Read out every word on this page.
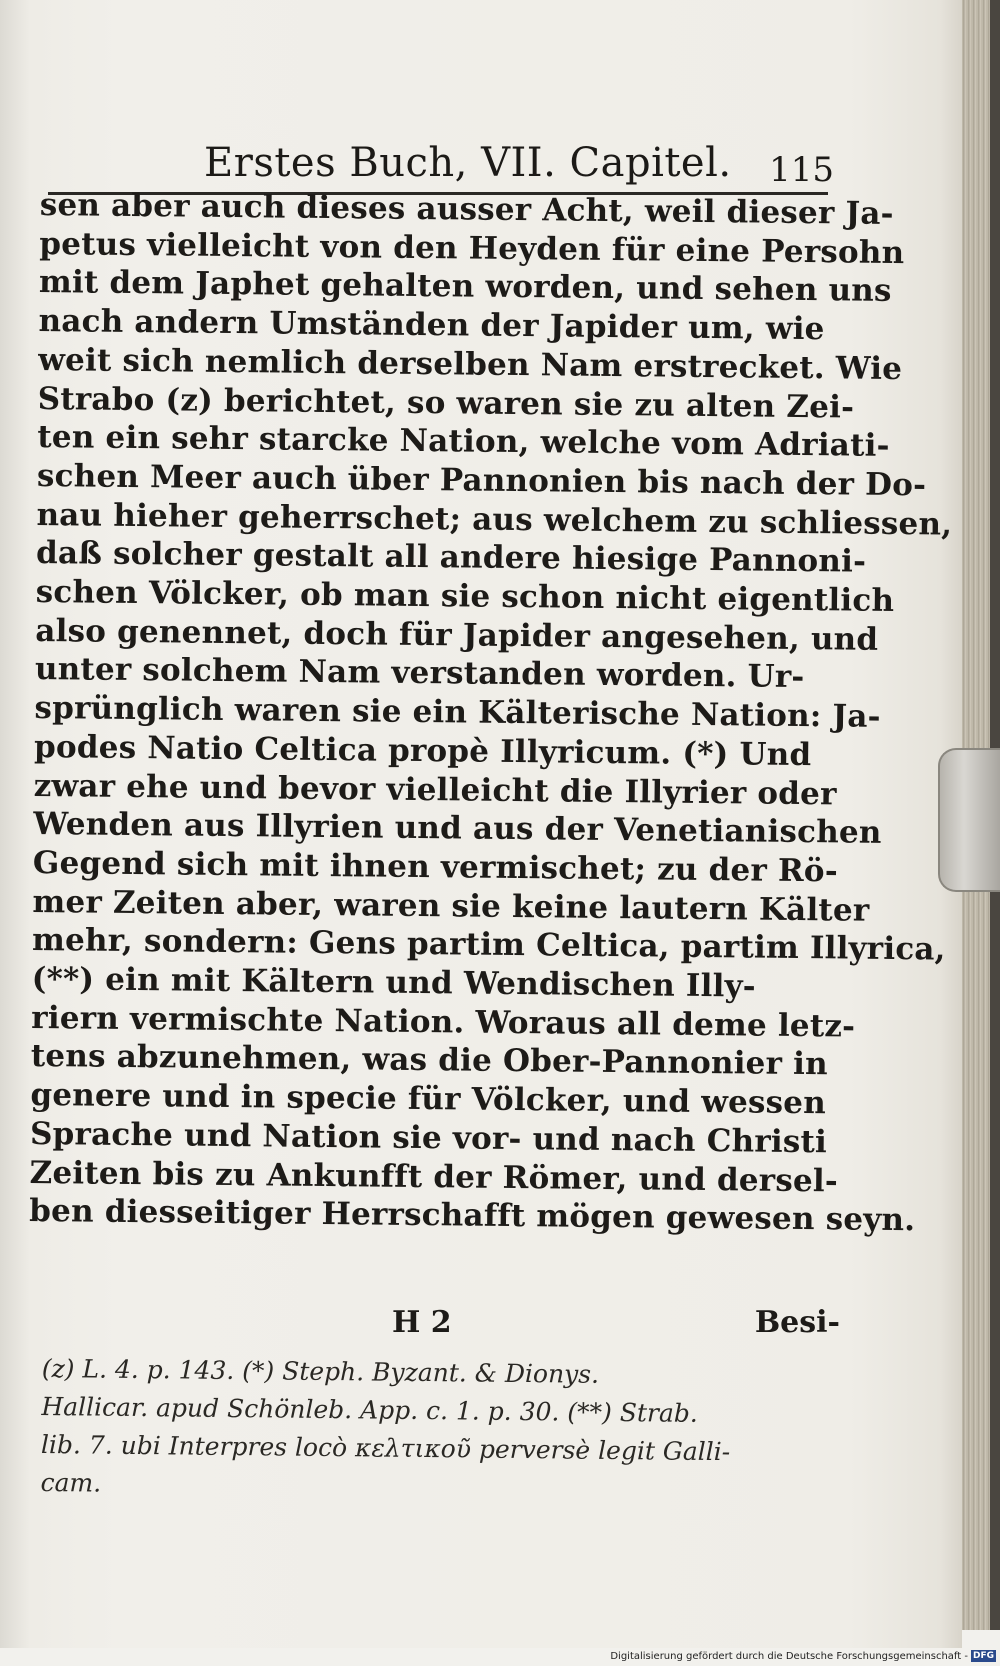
Erstes Buch, VII. Capitel. 115
sen aber auch dieses ausser Acht, weil dieser Ja-
petus vielleicht von den Heyden für eine Persohn
mit dem Japhet gehalten worden, und sehen uns
nach andern Umständen der Japider um, wie
weit sich nemlich derselben Nam erstrecket. Wie
Strabo (z) berichtet, so waren sie zu alten Zei-
ten ein sehr starcke Nation, welche vom Adriati-
schen Meer auch über Pannonien bis nach der Do-
nau hieher geherrschet; aus welchem zu schliessen,
daß solcher gestalt all andere hiesige Pannoni-
schen Völcker, ob man sie schon nicht eigentlich
also genennet, doch für Japider angesehen, und
unter solchem Nam verstanden worden. Ur-
sprünglich waren sie ein Kälterische Nation: Ja-
podes Natio Celtica propè Illyricum. (*) Und
zwar ehe und bevor vielleicht die Illyrier oder
Wenden aus Illyrien und aus der Venetianischen
Gegend sich mit ihnen vermischet; zu der Rö-
mer Zeiten aber, waren sie keine lautern Kälter
mehr, sondern: Gens partim Celtica, partim Illyrica,
(**) ein mit Kältern und Wendischen Illy-
riern vermischte Nation. Woraus all deme letz-
tens abzunehmen, was die Ober-Pannonier in
genere und in specie für Völcker, und wessen
Sprache und Nation sie vor- und nach Christi
Zeiten bis zu Ankunfft der Römer, und dersel-
ben diesseitiger Herrschafft mögen gewesen seyn.
H 2	Besi-
(z) L. 4. p. 143. (*) Steph. Byzant. & Dionys.
Hallicar. apud Schönleb. App. c. 1. p. 30. (**) Strab.
lib. 7. ubi Interpres locò κελτικοῦ perversè legit Galli-
cam.
Digitalisierung gefördert durch die Deutsche Forschungsgemeinschaft - DFG
